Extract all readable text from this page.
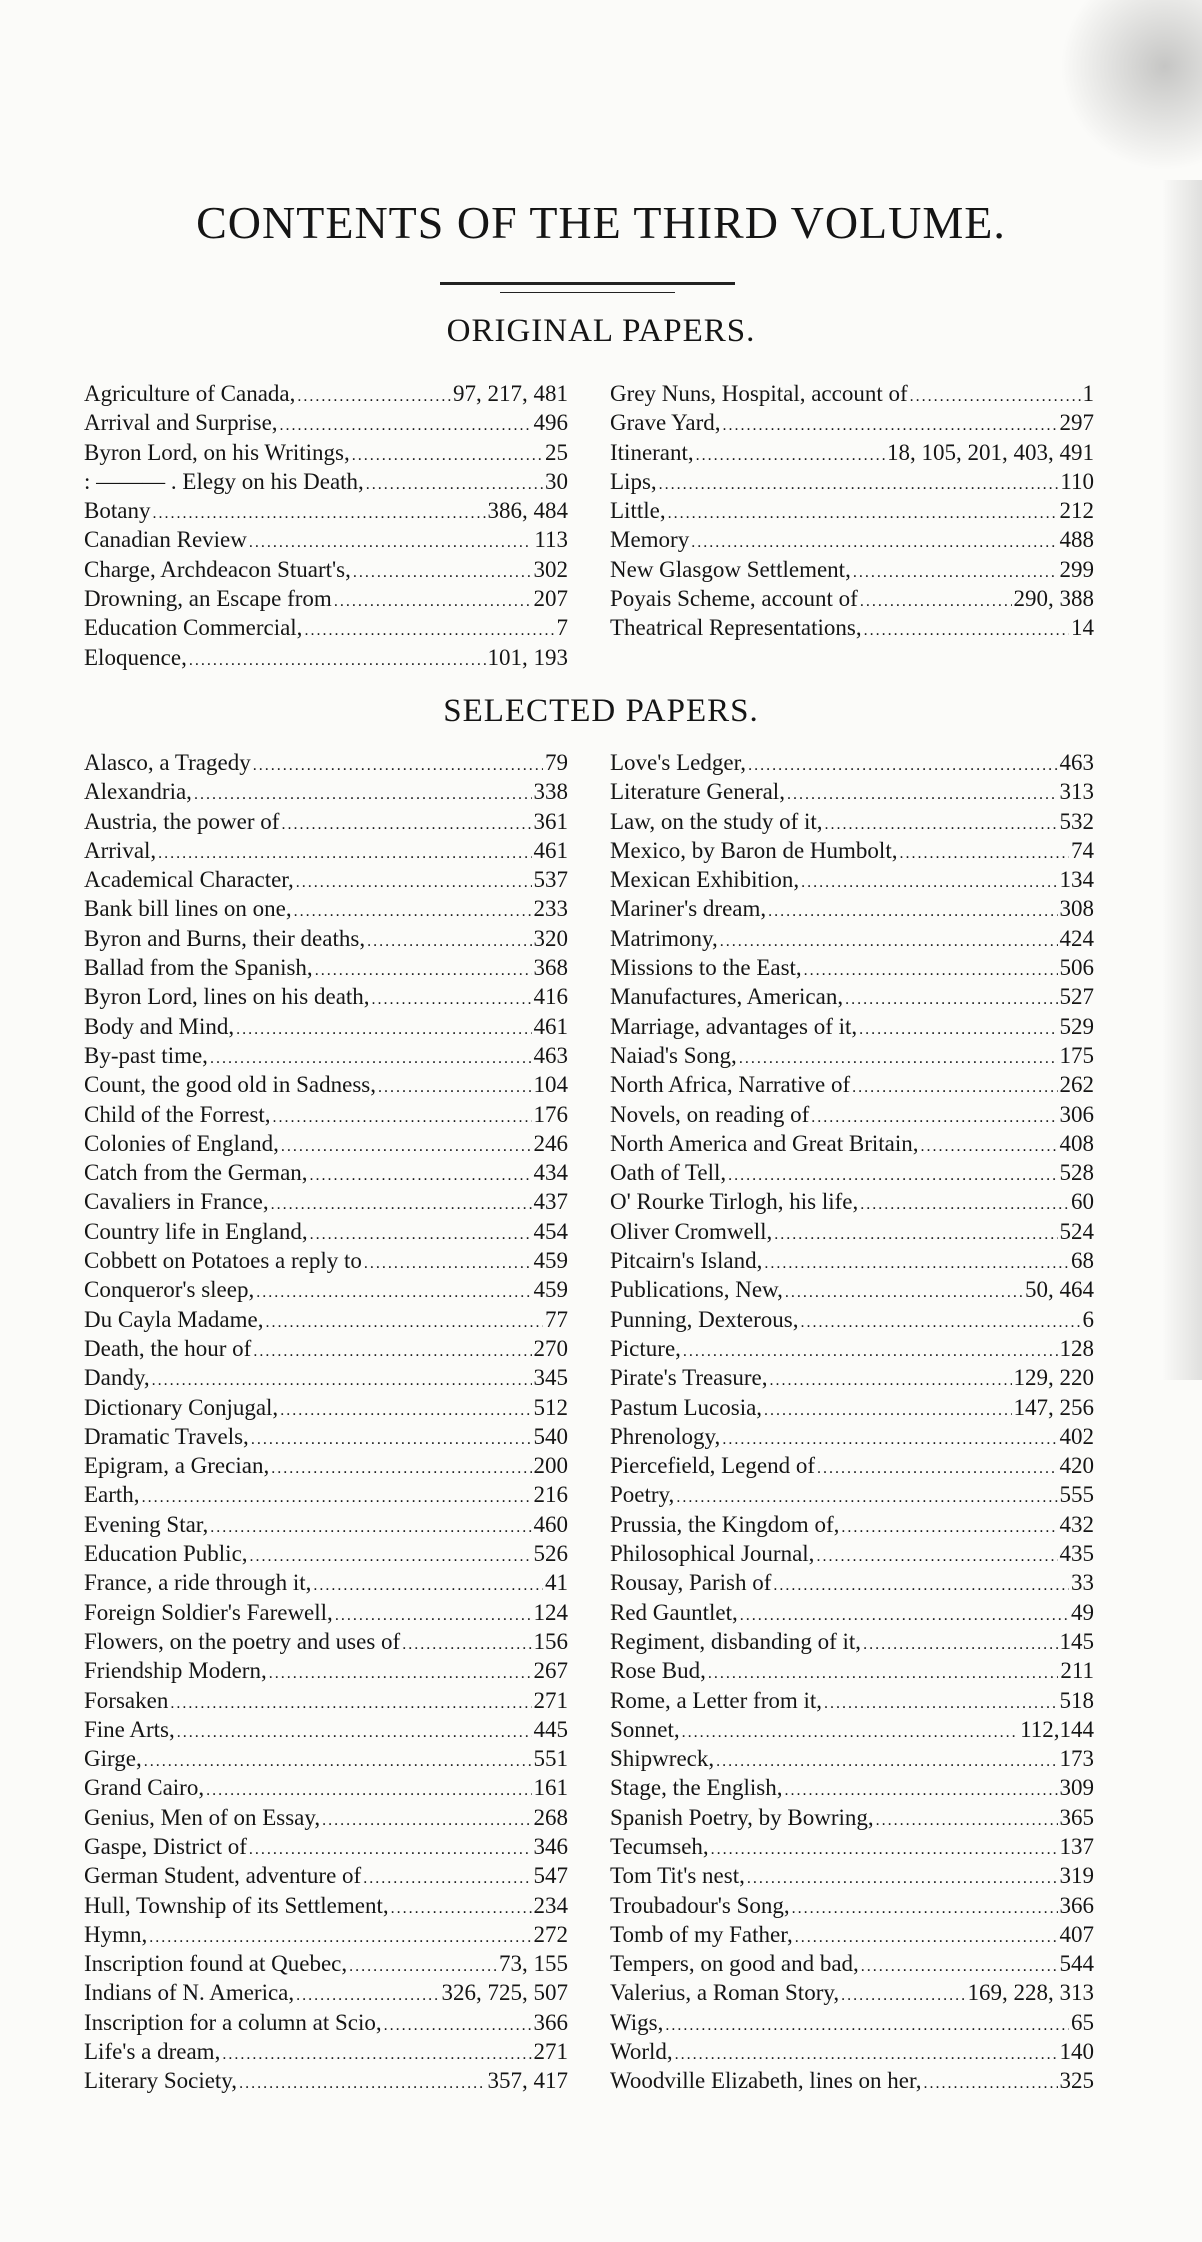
CONTENTS OF THE THIRD VOLUME.
ORIGINAL PAPERS.
Agriculture of Canada, .....	97, 217, 481
Arrival and Surprise, .....	496
Byron Lord, on his Writings, .....	25
: ——— . Elegy on his Death, .....	30
Botany .....	386, 484
Canadian Review .....	113
Charge, Archdeacon Stuart's, .....	302
Drowning, an Escape from .....	207
Education Commercial, .....	7
Eloquence, .....	101, 193
Grey Nuns, Hospital, account of .....	1
Grave Yard, .....	297
Itinerant, .....	18, 105, 201, 403, 491
Lips, .....	110
Little, .....	212
Memory .....	488
New Glasgow Settlement, .....	299
Poyais Scheme, account of .....	290, 388
Theatrical Representations, .....	14
SELECTED PAPERS.
Alasco, a Tragedy .....	79
Alexandria, .....	338
Austria, the power of .....	361
Arrival, .....	461
Academical Character, .....	537
Bank bill lines on one, .....	233
Byron and Burns, their deaths, .....	320
Ballad from the Spanish, .....	368
Byron Lord, lines on his death, .....	416
Body and Mind, .....	461
By-past time, .....	463
Count, the good old in Sadness, .....	104
Child of the Forrest, .....	176
Colonies of England, .....	246
Catch from the German, .....	434
Cavaliers in France, .....	437
Country life in England, .....	454
Cobbett on Potatoes a reply to .....	459
Conqueror's sleep, .....	459
Du Cayla Madame, .....	77
Death, the hour of .....	270
Dandy, .....	345
Dictionary Conjugal, .....	512
Dramatic Travels, .....	540
Epigram, a Grecian, .....	200
Earth, .....	216
Evening Star, .....	460
Education Public, .....	526
France, a ride through it, .....	41
Foreign Soldier's Farewell, .....	124
Flowers, on the poetry and uses of .....	156
Friendship Modern, .....	267
Forsaken .....	271
Fine Arts, .....	445
Girge, .....	551
Grand Cairo, .....	161
Genius, Men of on Essay, .....	268
Gaspe, District of .....	346
German Student, adventure of .....	547
Hull, Township of its Settlement, .....	234
Hymn, .....	272
Inscription found at Quebec, .....	73, 155
Indians of N. America, .....	326, 725, 507
Inscription for a column at Scio, .....	366
Life's a dream, .....	271
Literary Society, .....	357, 417
Love's Ledger, .....	463
Literature General, .....	313
Law, on the study of it, .....	532
Mexico, by Baron de Humbolt, .....	74
Mexican Exhibition, .....	134
Mariner's dream, .....	308
Matrimony, .....	424
Missions to the East, .....	506
Manufactures, American, .....	527
Marriage, advantages of it, .....	529
Naiad's Song, .....	175
North Africa, Narrative of .....	262
Novels, on reading of .....	306
North America and Great Britain, .....	408
Oath of Tell, .....	528
O' Rourke Tirlogh, his life, .....	60
Oliver Cromwell, .....	524
Pitcairn's Island, .....	68
Publications, New, .....	50, 464
Punning, Dexterous, .....	6
Picture, .....	128
Pirate's Treasure, .....	129, 220
Pastum Lucosia, .....	147, 256
Phrenology, .....	402
Piercefield, Legend of .....	420
Poetry, .....	555
Prussia, the Kingdom of, .....	432
Philosophical Journal, .....	435
Rousay, Parish of .....	33
Red Gauntlet, .....	49
Regiment, disbanding of it, .....	145
Rose Bud, .....	211
Rome, a Letter from it, .....	518
Sonnet, .....	112,144
Shipwreck, .....	173
Stage, the English, .....	309
Spanish Poetry, by Bowring, .....	365
Tecumseh, .....	137
Tom Tit's nest, .....	319
Troubadour's Song, .....	366
Tomb of my Father, .....	407
Tempers, on good and bad, .....	544
Valerius, a Roman Story, .....	169, 228, 313
Wigs, .....	65
World, .....	140
Woodville Elizabeth, lines on her, .....	325
